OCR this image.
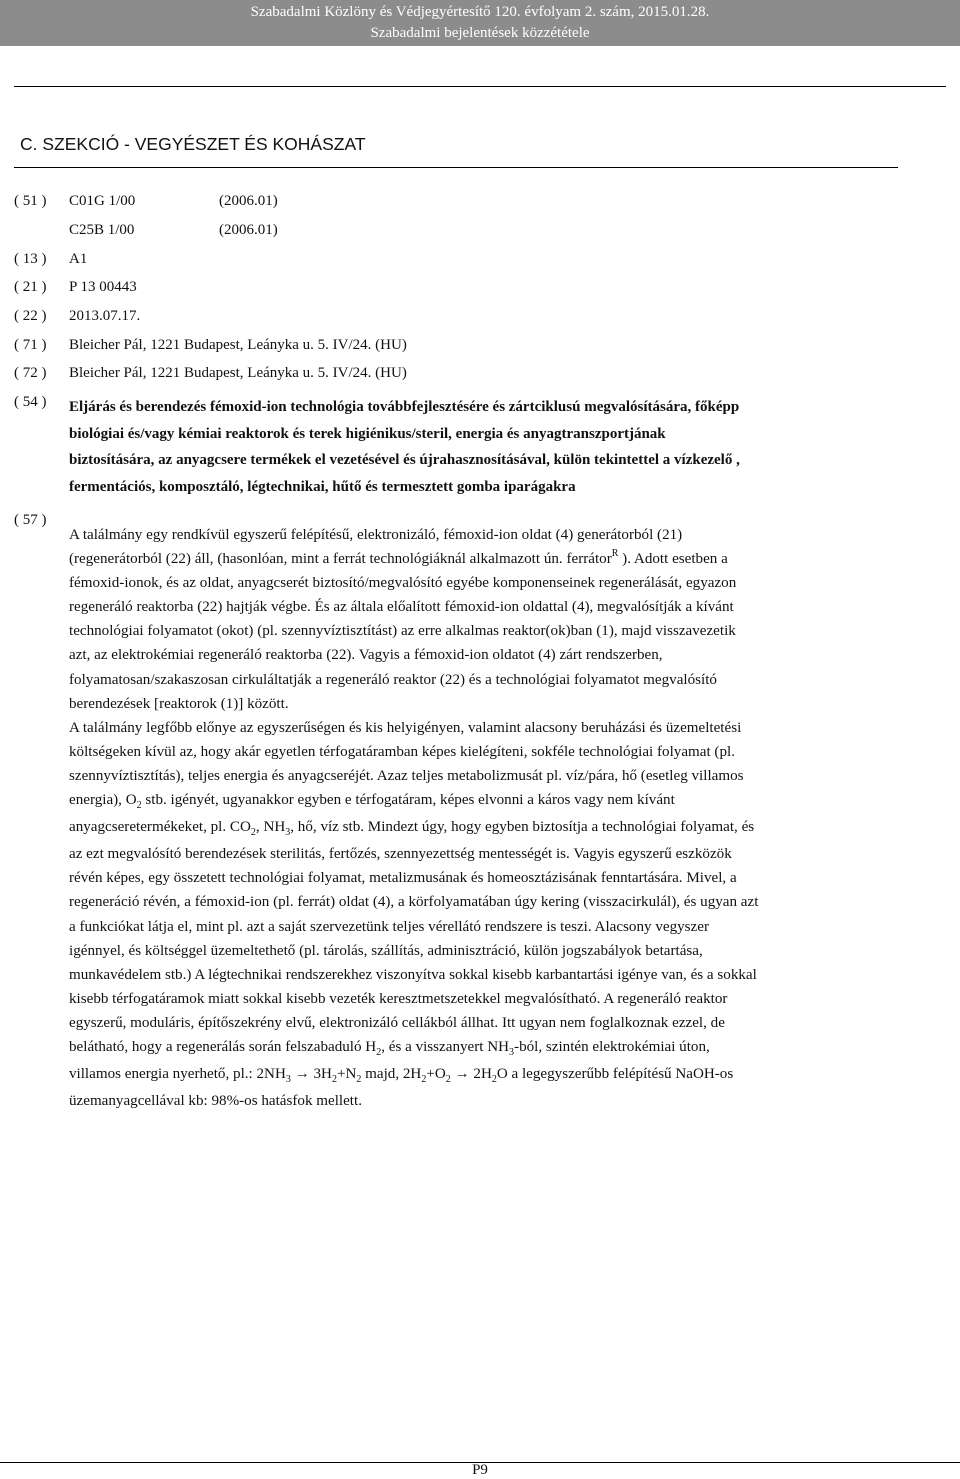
Szabadalmi Közlöny és Védjegyértesítő 120. évfolyam 2. szám, 2015.01.28.
Szabadalmi bejelentések közzététele
C. SZEKCIÓ - VEGYÉSZET ÉS KOHÁSZAT
( 51 ) C01G 1/00	(2006.01)
C25B 1/00	(2006.01)
( 13 ) A1
( 21 ) P 13 00443
( 22 ) 2013.07.17.
( 71 ) Bleicher Pál, 1221 Budapest, Leányka u. 5. IV/24. (HU)
( 72 ) Bleicher Pál, 1221 Budapest, Leányka u. 5. IV/24. (HU)
( 54 ) Eljárás és berendezés fémoxid-ion technológia továbbfejlesztésére és zártciklusú megvalósítására, főképp
biológiai és/vagy kémiai reaktorok és terek higiénikus/steril, energia és anyagtranszportjának
biztosítására, az anyagcsere termékek el vezetésével és újrahasznosításával, külön tekintettel a vízkezelő ,
fermentációs, komposztáló, légtechnikai, hűtő és termesztett gomba iparágakra
( 57 )
A találmány egy rendkívül egyszerű felépítésű, elektronizáló, fémoxid-ion oldat (4) generátorból (21)
(regenerátorból (22) áll, (hasonlóan, mint a ferrát technológiáknál alkalmazott ún. ferrátor$^R$ ). Adott esetben a
fémoxid-ionok, és az oldat, anyagcserét biztosító/megvalósító egyébe komponenseinek regenerálását, egyazon
regeneráló reaktorba (22) hajtják végbe. És az általa előalított fémoxid-ion oldattal (4), megvalósítják a kívánt
technológiai folyamatot (okot) (pl. szennyvíztisztítást) az erre alkalmas reaktor(ok)ban (1), majd visszavezetik
azt, az elektrokémiai regeneráló reaktorba (22). Vagyis a fémoxid-ion oldatot (4) zárt rendszerben,
folyamatosan/szakaszosan cirkuláltatják a regeneráló reaktor (22) és a technológiai folyamatot megvalósító
berendezések [reaktorok (1)] között.
A találmány legfőbb előnye az egyszerűségen és kis helyigényen, valamint alacsony beruházási és üzemeltetési
költségeken kívül az, hogy akár egyetlen térfogatáramban képes kielégíteni, sokféle technológiai folyamat (pl.
szennyvíztisztítás), teljes energia és anyagcseréjét. Azaz teljes metabolizmusát pl. víz/pára, hő (esetleg villamos
energia), $O_2$ stb. igényét, ugyanakkor egyben e térfogatáram, képes elvonni a káros vagy nem kívánt
anyagcseretermékeket, pl. $CO_2$, $NH_3$, hő, víz stb. Mindezt úgy, hogy egyben biztosítja a technológiai folyamat, és
az ezt megvalósító berendezések sterilitás, fertőzés, szennyezettség mentességét is. Vagyis egyszerű eszközök
révén képes, egy összetett technológiai folyamat, metalizmusának és homeosztázisának fenntartására. Mivel, a
regeneráció révén, a fémoxid-ion (pl. ferrát) oldat (4), a körfolyamatában úgy kering (visszacirkulál), és ugyan azt
a funkciókat látja el, mint pl. azt a saját szervezetünk teljes vérellátó rendszere is teszi. Alacsony vegyszer
igénnyel, és költséggel üzemeltethető (pl. tárolás, szállítás, adminisztráció, külön jogszabályok betartása,
munkavédelem stb.) A légtechnikai rendszerekhez viszonyítva sokkal kisebb karbantartási igénye van, és a sokkal
kisebb térfogatáramok miatt sokkal kisebb vezeték keresztmetszetekkel megvalósítható. A regeneráló reaktor
egyszerű, moduláris, építőszekrény elvű, elektronizáló cellákból állhat. Itt ugyan nem foglalkoznak ezzel, de
belátható, hogy a regenerálás során felszabaduló $H_2$, és a visszanyert $NH_3$-ból, szintén elektrokémiai úton,
villamos energia nyerhető, pl.: $2NH_3 \to 3H_2+N_2$ majd, $2H_2+O_2 \to 2H_2O$ a legegyszerűbb felépítésű NaOH-os
üzemanyagcellával kb: 98%-os hatásfok mellett.
P9
